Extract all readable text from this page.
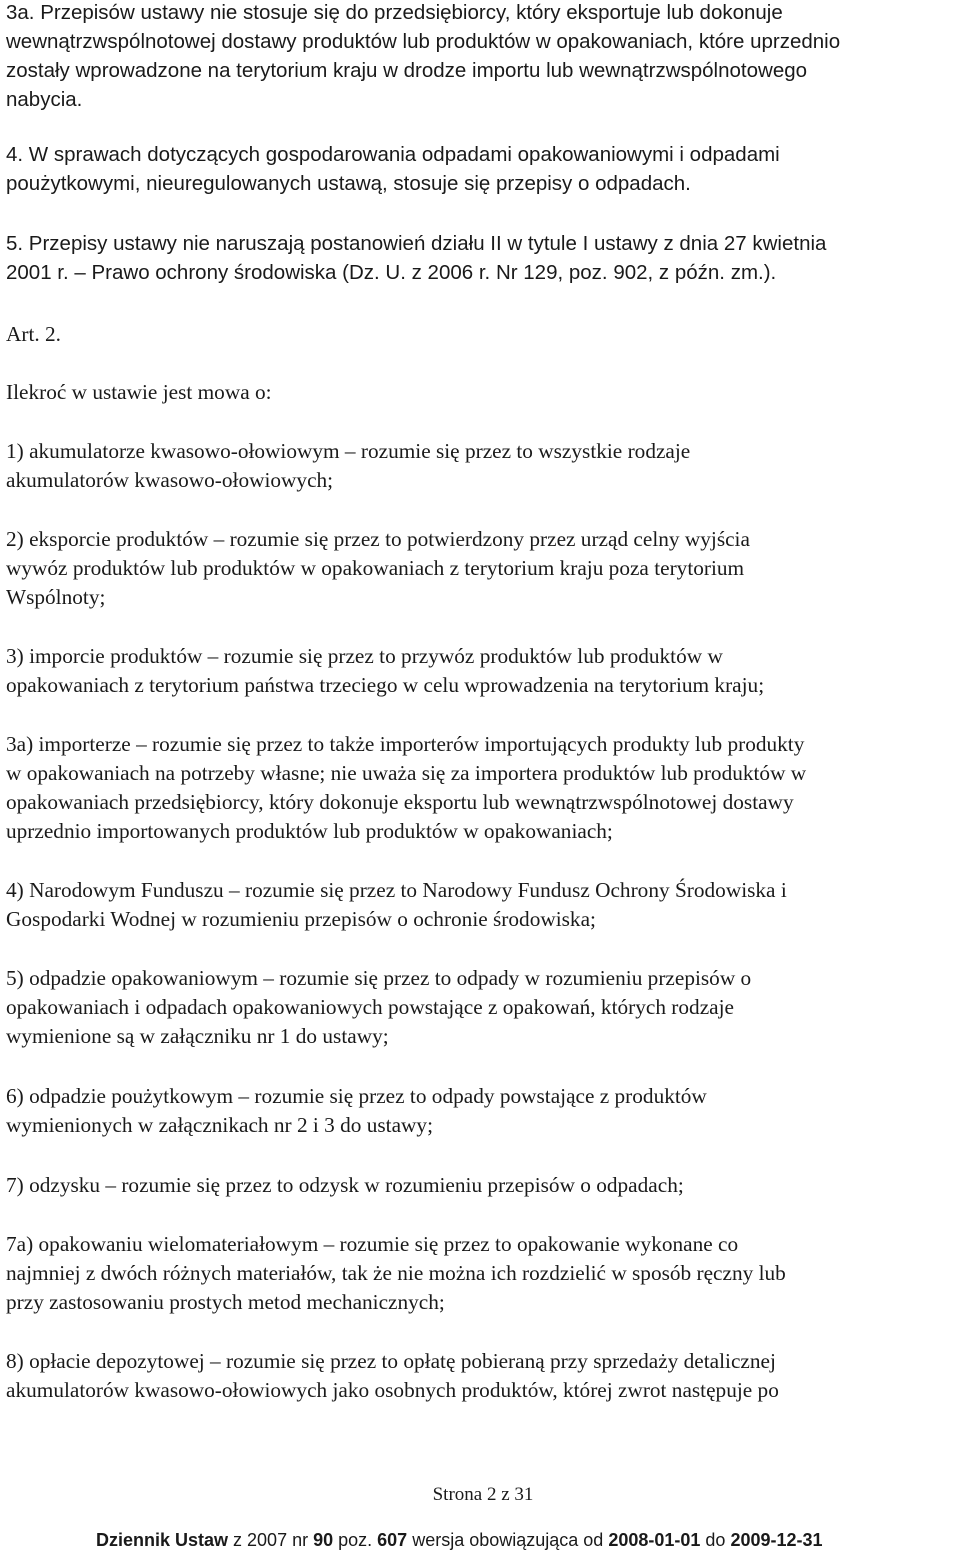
3a. Przepisów ustawy nie stosuje się do przedsiębiorcy, który eksportuje lub dokonuje
wewnątrzwspólnotowej dostawy produktów lub produktów w opakowaniach, które uprzednio
zostały wprowadzone na terytorium kraju w drodze importu lub wewnątrzwspólnotowego
nabycia.

4. W sprawach dotyczących gospodarowania odpadami opakowaniowymi i odpadami
poużytkowymi, nieuregulowanych ustawą, stosuje się przepisy o odpadach.

5. Przepisy ustawy nie naruszają postanowień działu II w tytule I ustawy z dnia 27 kwietnia
2001 r. – Prawo ochrony środowiska (Dz. U. z 2006 r. Nr 129, poz. 902, z późn. zm.).

Art. 2.

Ilekroć w ustawie jest mowa o:

1) akumulatorze kwasowo-ołowiowym – rozumie się przez to wszystkie rodzaje
akumulatorów kwasowo-ołowiowych;

2) eksporcie produktów – rozumie się przez to potwierdzony przez urząd celny wyjścia
wywóz produktów lub produktów w opakowaniach z terytorium kraju poza terytorium
Wspólnoty;

3) imporcie produktów – rozumie się przez to przywóz produktów lub produktów w
opakowaniach z terytorium państwa trzeciego w celu wprowadzenia na terytorium kraju;

3a) importerze – rozumie się przez to także importerów importujących produkty lub produkty
w opakowaniach na potrzeby własne; nie uważa się za importera produktów lub produktów w
opakowaniach przedsiębiorcy, który dokonuje eksportu lub wewnątrzwspólnotowej dostawy
uprzednio importowanych produktów lub produktów w opakowaniach;

4) Narodowym Funduszu – rozumie się przez to Narodowy Fundusz Ochrony Środowiska i
Gospodarki Wodnej w rozumieniu przepisów o ochronie środowiska;

5) odpadzie opakowaniowym – rozumie się przez to odpady w rozumieniu przepisów o
opakowaniach i odpadach opakowaniowych powstające z opakowań, których rodzaje
wymienione są w załączniku nr 1 do ustawy;

6) odpadzie poużytkowym – rozumie się przez to odpady powstające z produktów
wymienionych w załącznikach nr 2 i 3 do ustawy;

7) odzysku – rozumie się przez to odzysk w rozumieniu przepisów o odpadach;

7a) opakowaniu wielomateriałowym – rozumie się przez to opakowanie wykonane co
najmniej z dwóch różnych materiałów, tak że nie można ich rozdzielić w sposób ręczny lub
przy zastosowaniu prostych metod mechanicznych;

8) opłacie depozytowej – rozumie się przez to opłatę pobieraną przy sprzedaży detalicznej
akumulatorów kwasowo-ołowiowych jako osobnych produktów, której zwrot następuje po

Strona 2 z 31
Dziennik Ustaw z 2007 nr 90 poz. 607 wersja obowiązująca od 2008-01-01 do 2009-12-31
